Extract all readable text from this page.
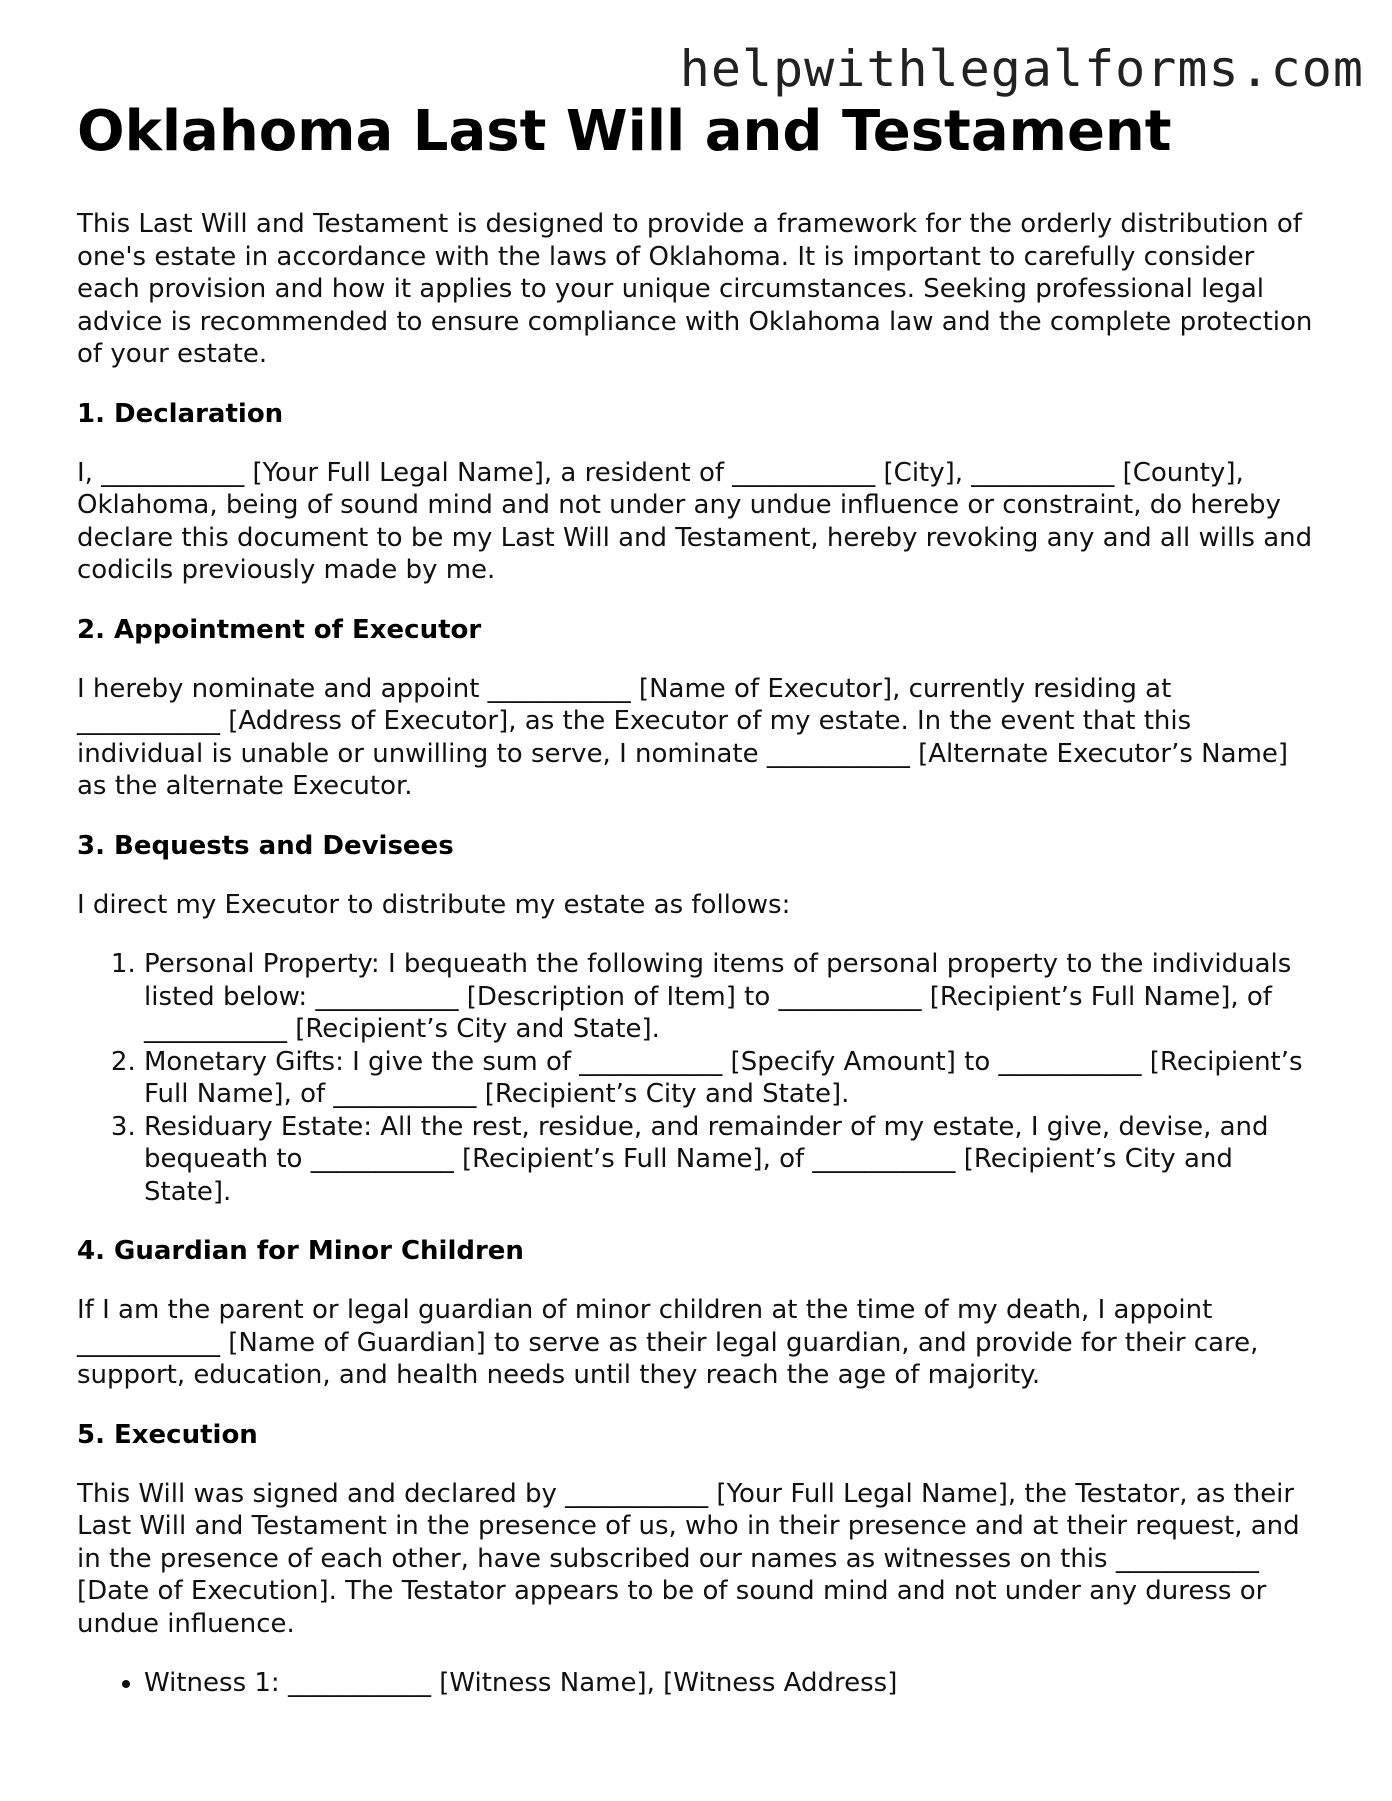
helpwithlegalforms.com
Oklahoma Last Will and Testament

This Last Will and Testament is designed to provide a framework for the orderly distribution of one's estate in accordance with the laws of Oklahoma. It is important to carefully consider each provision and how it applies to your unique circumstances. Seeking professional legal advice is recommended to ensure compliance with Oklahoma law and the complete protection of your estate.

1. Declaration

I, ___________ [Your Full Legal Name], a resident of ___________ [City], ___________ [County], Oklahoma, being of sound mind and not under any undue influence or constraint, do hereby declare this document to be my Last Will and Testament, hereby revoking any and all wills and codicils previously made by me.

2. Appointment of Executor

I hereby nominate and appoint ___________ [Name of Executor], currently residing at ___________ [Address of Executor], as the Executor of my estate. In the event that this individual is unable or unwilling to serve, I nominate ___________ [Alternate Executor’s Name] as the alternate Executor.

3. Bequests and Devisees

I direct my Executor to distribute my estate as follows:

1. Personal Property: I bequeath the following items of personal property to the individuals listed below: ___________ [Description of Item] to ___________ [Recipient’s Full Name], of ___________ [Recipient’s City and State].
2. Monetary Gifts: I give the sum of ___________ [Specify Amount] to ___________ [Recipient’s Full Name], of ___________ [Recipient’s City and State].
3. Residuary Estate: All the rest, residue, and remainder of my estate, I give, devise, and bequeath to ___________ [Recipient’s Full Name], of ___________ [Recipient’s City and State].
4. Guardian for Minor Children

If I am the parent or legal guardian of minor children at the time of my death, I appoint ___________ [Name of Guardian] to serve as their legal guardian, and provide for their care, support, education, and health needs until they reach the age of majority.

5. Execution

This Will was signed and declared by ___________ [Your Full Legal Name], the Testator, as their Last Will and Testament in the presence of us, who in their presence and at their request, and in the presence of each other, have subscribed our names as witnesses on this ___________ [Date of Execution]. The Testator appears to be of sound mind and not under any duress or undue influence.

• Witness 1: ___________ [Witness Name], [Witness Address]
